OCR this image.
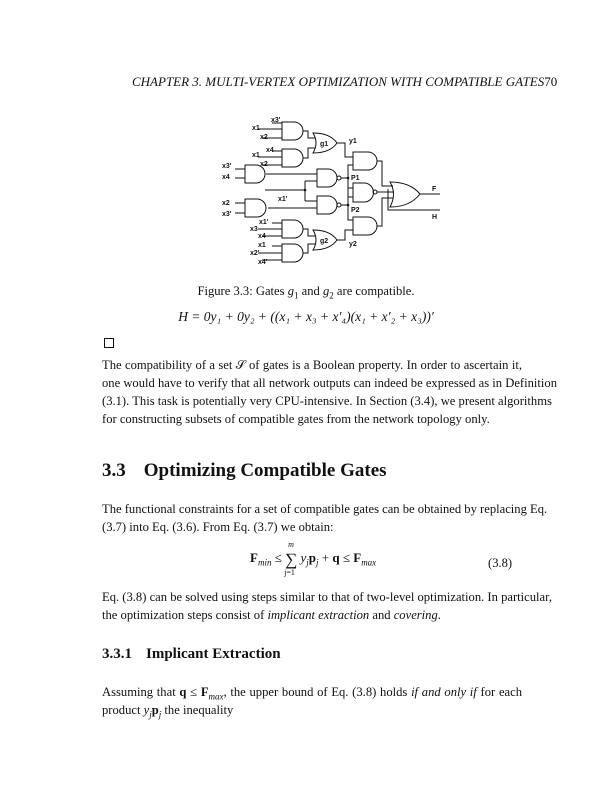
CHAPTER 3. MULTI-VERTEX OPTIMIZATION WITH COMPATIBLE GATES 70
x3'
x1
x2
x4
x1
x2
x3'
x4
x1'
x2
x3'
x1'
x3
x4
x1
x2'
x4'
g1
g2
y1
y2
P1
P2
F
H
Figure 3.3: Gates $g_1$ and $g_2$ are compatible.
H = 0y₁ + 0y₂ + ((x₁ + x₃ + x′₄)(x₁ + x′₂ + x₃))′
The compatibility of a set 𝒮 of gates is a Boolean property. In order to ascertain it,
one would have to verify that all network outputs can indeed be expressed as in Definition
(3.1). This task is potentially very CPU-intensive. In Section (3.4), we present algorithms
for constructing subsets of compatible gates from the network topology only.
3.3 Optimizing Compatible Gates
The functional constraints for a set of compatible gates can be obtained by replacing Eq.
(3.7) into Eq. (3.6). From Eq. (3.7) we obtain:
$F_{min}$ ≤
m
∑
j=1
$y_jp_j + q \le F_{max}$	(3.8)
Eq. (3.8) can be solved using steps similar to that of two-level optimization. In particular,
the optimization steps consist of implicant extraction and covering.
3.3.1 Implicant Extraction
Assuming that $q \le F_{max}$, the upper bound of Eq. (3.8) holds if and only if for each
product $y_jp_j$ the inequality
